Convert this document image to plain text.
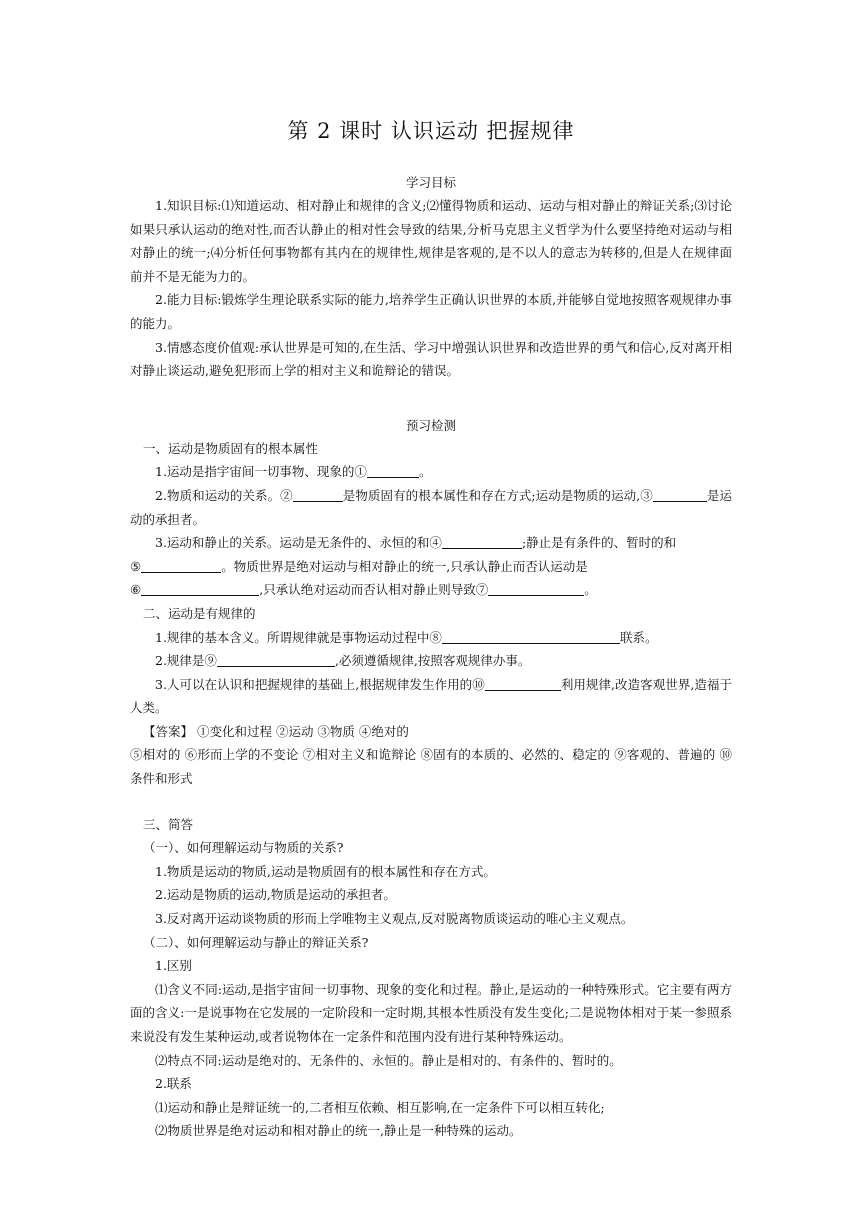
第 2 课时 认识运动 把握规律
学习目标

1.知识目标:⑴知道运动、相对静止和规律的含义;⑵懂得物质和运动、运动与相对静止的辩证关系;⑶讨论如果只承认运动的绝对性,而否认静止的相对性会导致的结果,分析马克思主义哲学为什么要坚持绝对运动与相对静止的统一;⑷分析任何事物都有其内在的规律性,规律是客观的,是不以人的意志为转移的,但是人在规律面前并不是无能为力的。

2.能力目标:锻炼学生理论联系实际的能力,培养学生正确认识世界的本质,并能够自觉地按照客观规律办事的能力。

3.情感态度价值观:承认世界是可知的,在生活、学习中增强认识世界和改造世界的勇气和信心,反对离开相对静止谈运动,避免犯形而上学的相对主义和诡辩论的错误。

预习检测

一、运动是物质固有的根本属性

1.运动是指宇宙间一切事物、现象的①	。

2.物质和运动的关系。②	是物质固有的根本属性和存在方式;运动是物质的运动,③	是运动的承担者。

3.运动和静止的关系。运动是无条件的、永恒的和④	;静止是有条件的、暂时的和
⑤	。物质世界是绝对运动与相对静止的统一,只承认静止而否认运动是
⑥	,只承认绝对运动而否认相对静止则导致⑦	。

二、运动是有规律的

1.规律的基本含义。所谓规律就是事物运动过程中⑧	联系。

2.规律是⑨	,必须遵循规律,按照客观规律办事。

3.人可以在认识和把握规律的基础上,根据规律发生作用的⑩	利用规律,改造客观世界,造福于人类。

【答案】 ①变化和过程 ②运动 ③物质 ④绝对的

⑤相对的 ⑥形而上学的不变论 ⑦相对主义和诡辩论 ⑧固有的本质的、必然的、稳定的 ⑨客观的、普遍的 ⑩条件和形式

三、简答

（一）、如何理解运动与物质的关系?

1.物质是运动的物质,运动是物质固有的根本属性和存在方式。

2.运动是物质的运动,物质是运动的承担者。

3.反对离开运动谈物质的形而上学唯物主义观点,反对脱离物质谈运动的唯心主义观点。

（二）、如何理解运动与静止的辩证关系?

1.区别

⑴含义不同:运动,是指宇宙间一切事物、现象的变化和过程。静止,是运动的一种特殊形式。它主要有两方面的含义:一是说事物在它发展的一定阶段和一定时期,其根本性质没有发生变化;二是说物体相对于某一参照系来说没有发生某种运动,或者说物体在一定条件和范围内没有进行某种特殊运动。

⑵特点不同:运动是绝对的、无条件的、永恒的。静止是相对的、有条件的、暂时的。

2.联系

⑴运动和静止是辩证统一的,二者相互依赖、相互影响,在一定条件下可以相互转化;

⑵物质世界是绝对运动和相对静止的统一,静止是一种特殊的运动。
